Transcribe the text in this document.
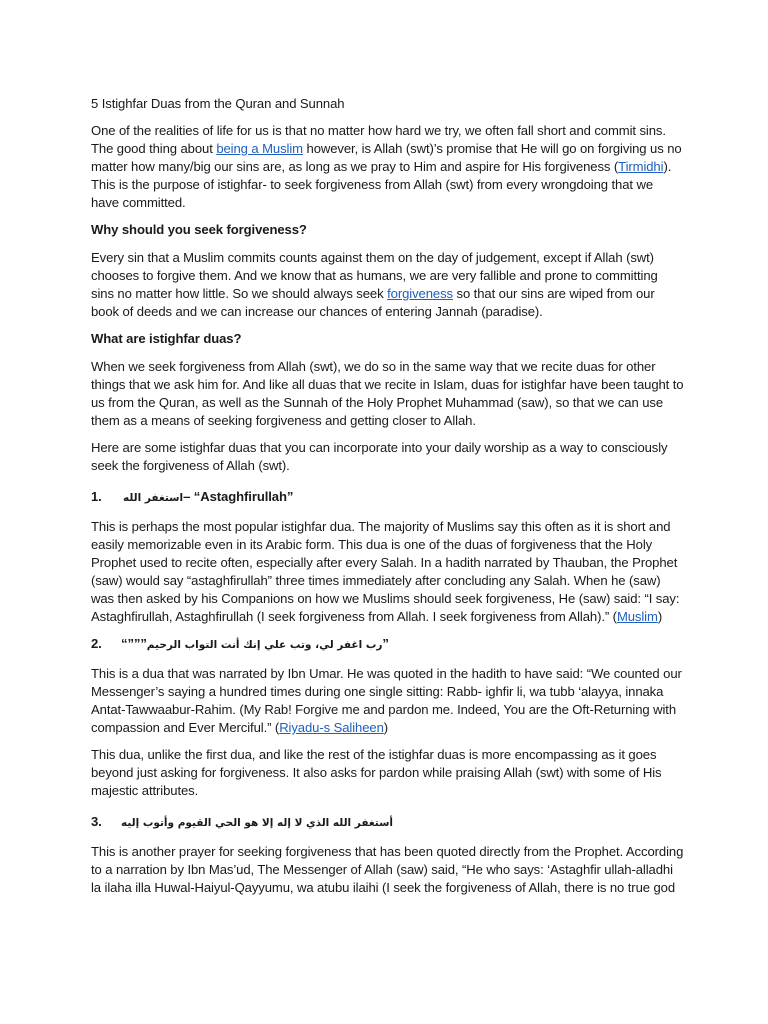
5 Istighfar Duas from the Quran and Sunnah

One of the realities of life for us is that no matter how hard we try, we often fall short and commit sins. The good thing about being a Muslim however, is Allah (swt)’s promise that He will go on forgiving us no matter how many/big our sins are, as long as we pray to Him and aspire for His forgiveness (Tirmidhi). This is the purpose of istighfar- to seek forgiveness from Allah (swt) from every wrongdoing that we have committed.

Why should you seek forgiveness?

Every sin that a Muslim commits counts against them on the day of judgement, except if Allah (swt) chooses to forgive them. And we know that as humans, we are very fallible and prone to committing sins no matter how little. So we should always seek forgiveness so that our sins are wiped from our book of deeds and we can increase our chances of entering Jannah (paradise).

What are istighfar duas?

When we seek forgiveness from Allah (swt), we do so in the same way that we recite duas for other things that we ask him for. And like all duas that we recite in Islam, duas for istighfar have been taught to us from the Quran, as well as the Sunnah of the Holy Prophet Muhammad (saw), so that we can use them as a means of seeking forgiveness and getting closer to Allah.

Here are some istighfar duas that you can incorporate into your daily worship as a way to consciously seek the forgiveness of Allah (swt).

1.	استغفر الله – “Astaghfirullah”

This is perhaps the most popular istighfar dua. The majority of Muslims say this often as it is short and easily memorizable even in its Arabic form. This dua is one of the duas of forgiveness that the Holy Prophet used to recite often, especially after every Salah. In a hadith narrated by Thauban, the Prophet (saw) would say “astaghfirullah” three times immediately after concluding any Salah. When he (saw) was then asked by his Companions on how we Muslims should seek forgiveness, He (saw) said: “I say: Astaghfirullah, Astaghfirullah (I seek forgiveness from Allah. I seek forgiveness from Allah).” (Muslim)

2.	“””” رب اغفر لي، وتب علي إنك أنت التواب الرحيم ”

This is a dua that was narrated by Ibn Umar. He was quoted in the hadith to have said: “We counted our Messenger’s saying a hundred times during one single sitting: Rabb- ighfir li, wa tubb ‘alayya, innaka Antat-Tawwaabur-Rahim. (My Rab! Forgive me and pardon me. Indeed, You are the Oft-Returning with compassion and Ever Merciful.” (Riyadu-s Saliheen)

This dua, unlike the first dua, and like the rest of the istighfar duas is more encompassing as it goes beyond just asking for forgiveness. It also asks for pardon while praising Allah (swt) with some of His majestic attributes.

3.	أستغفر الله الذي لا إله إلا هو الحي القيوم وأتوب إليه

This is another prayer for seeking forgiveness that has been quoted directly from the Prophet. According to a narration by Ibn Mas’ud, The Messenger of Allah (saw) said, “He who says: ‘Astaghfir ullah-alladhi la ilaha illa Huwal-Haiyul-Qayyumu, wa atubu ilaihi (I seek the forgiveness of Allah, there is no true god
